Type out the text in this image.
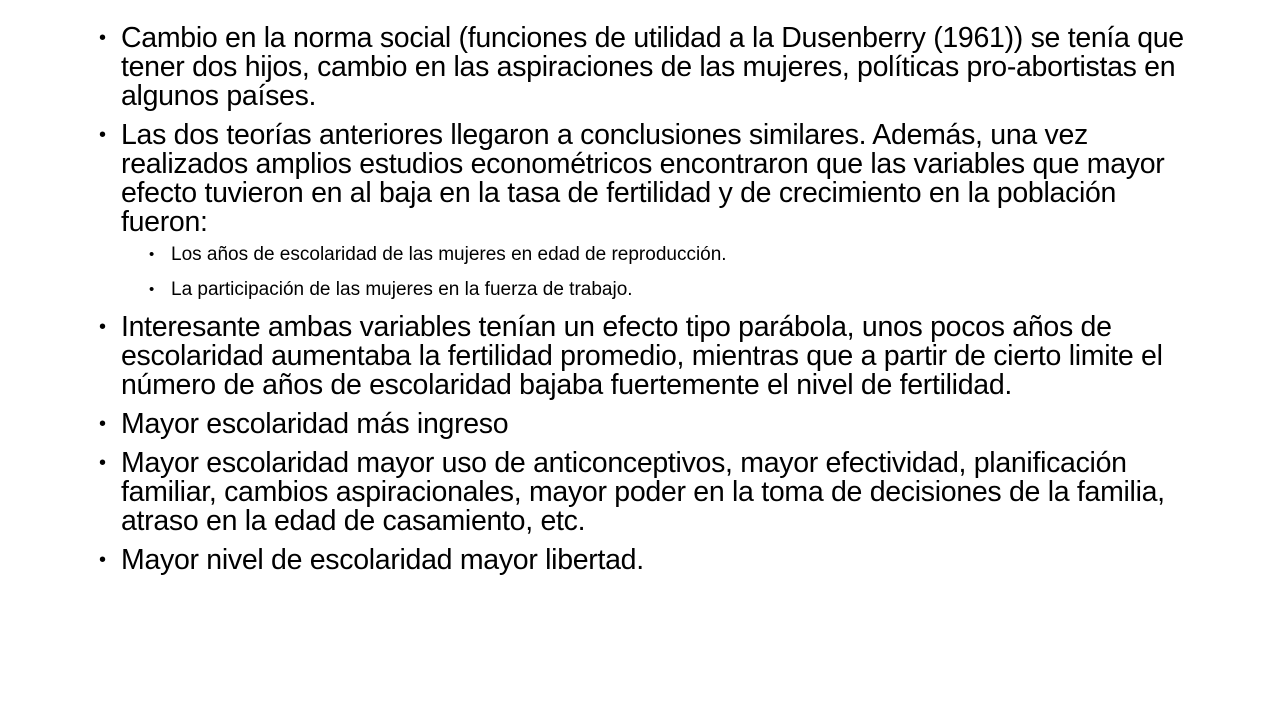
• Cambio en la norma social (funciones de utilidad a la Dusenberry (1961)) se tenía que tener dos hijos, cambio en las aspiraciones de las mujeres, políticas pro-abortistas en algunos países.
• Las dos teorías anteriores llegaron a conclusiones similares. Además, una vez realizados amplios estudios econométricos encontraron que las variables que mayor efecto tuvieron en al baja en la tasa de fertilidad y de crecimiento en la población fueron:
• Los años de escolaridad de las mujeres en edad de reproducción.
• La participación de las mujeres en la fuerza de trabajo.
• Interesante ambas variables tenían un efecto tipo parábola, unos pocos años de escolaridad aumentaba la fertilidad promedio, mientras que a partir de cierto limite el número de años de escolaridad bajaba fuertemente el nivel de fertilidad.
• Mayor escolaridad más ingreso
• Mayor escolaridad mayor uso de anticonceptivos, mayor efectividad, planificación familiar, cambios aspiracionales, mayor poder en la toma de decisiones de la familia, atraso en la edad de casamiento, etc.
• Mayor nivel de escolaridad mayor libertad.
